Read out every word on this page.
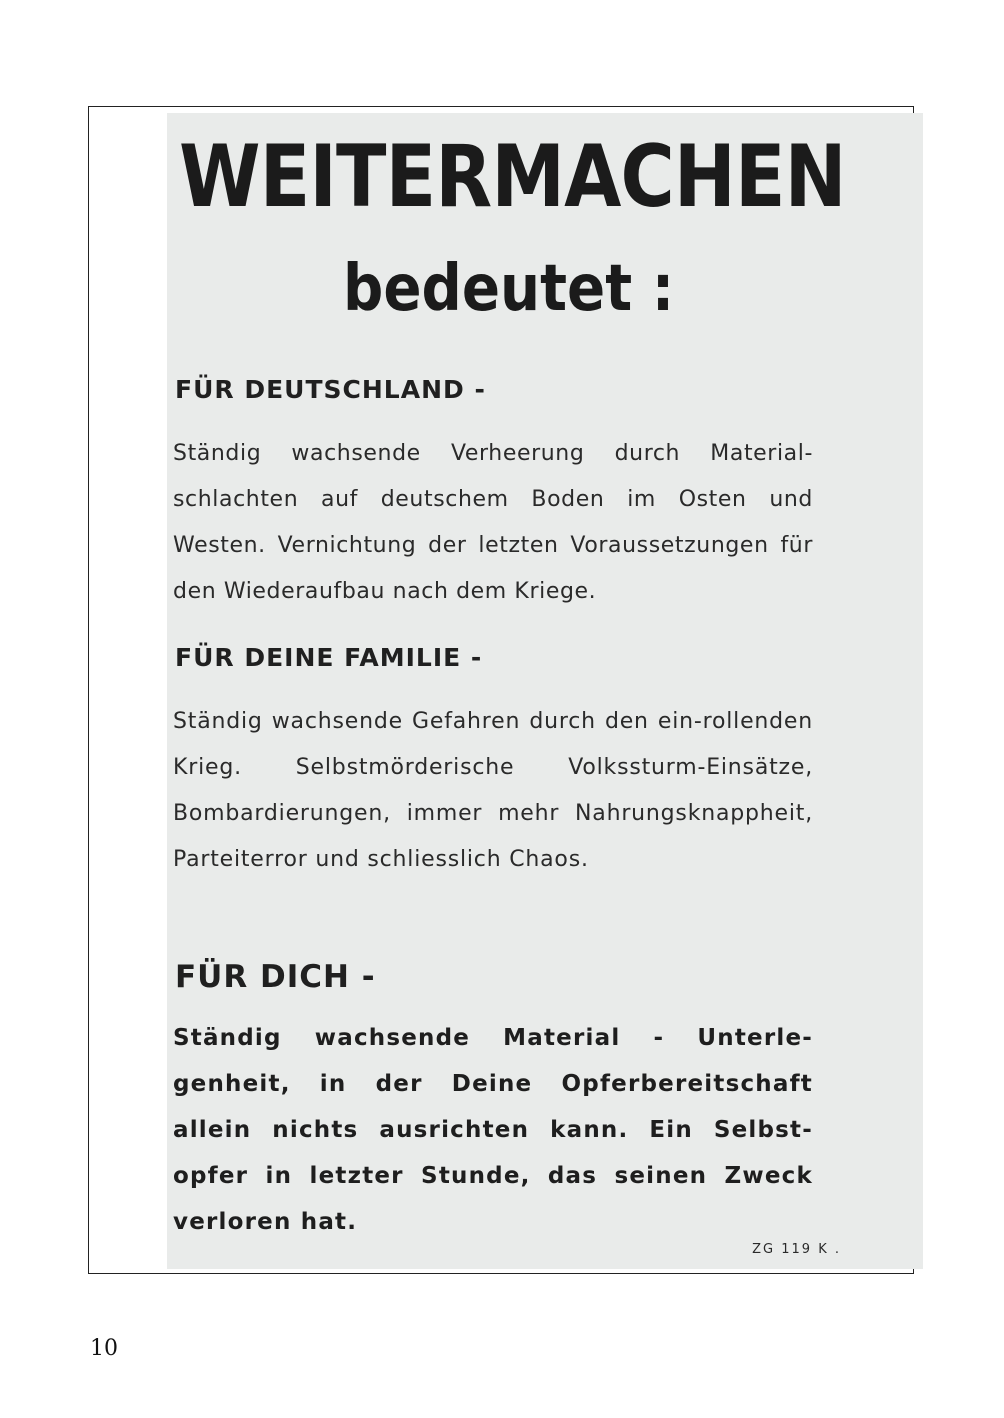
WEITERMACHEN
bedeutet :
FÜR DEUTSCHLAND -
Ständig wachsende Verheerung durch Material-schlachten auf deutschem Boden im Osten und Westen. Vernichtung der letzten Voraussetzungen für den Wiederaufbau nach dem Kriege.
FÜR DEINE FAMILIE -
Ständig wachsende Gefahren durch den ein-rollenden Krieg. Selbstmörderische Volkssturm-Einsätze, Bombardierungen, immer mehr Nahrungsknappheit, Parteiterror und schliesslich Chaos.
FÜR DICH -
Ständig wachsende Material - Unterle-genheit, in der Deine Opferbereitschaft allein nichts ausrichten kann. Ein Selbst-opfer in letzter Stunde, das seinen Zweck verloren hat.
ZG 119 K .
10
